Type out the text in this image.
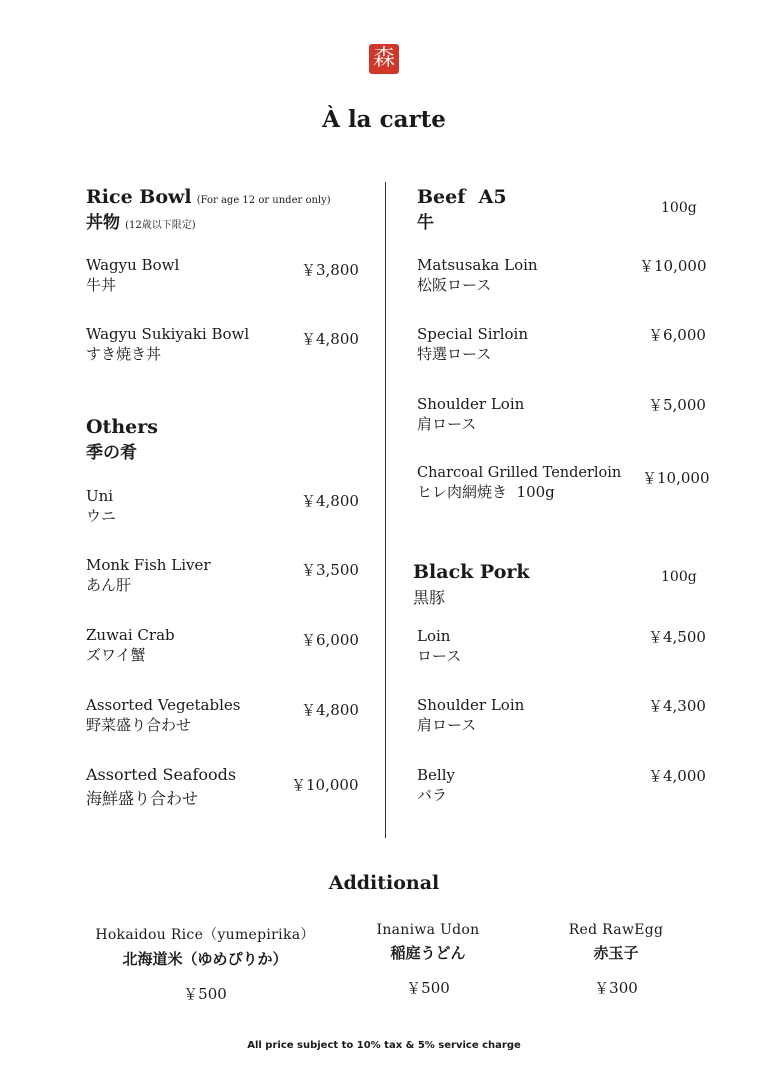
森
À la carte
Rice Bowl (For age 12 or under only)
丼物 (12歳以下限定)
Wagyu Bowl
牛丼
￥3,800
Wagyu Sukiyaki Bowl
すき焼き丼
￥4,800
Others
季の肴
Uni
ウニ
￥4,800
Monk Fish Liver
あん肝
￥3,500
Zuwai Crab
ズワイ蟹
￥6,000
Assorted Vegetables
野菜盛り合わせ
￥4,800
Assorted Seafoods
海鮮盛り合わせ
￥10,000
Beef  A5
牛
100g
Matsusaka Loin
松阪ロース
￥10,000
Special Sirloin
特選ロース
￥6,000
Shoulder Loin
肩ロース
￥5,000
Charcoal Grilled Tenderloin
ヒレ肉網焼き  100g
￥10,000
Black Pork
黒豚
100g
Loin
ロース
￥4,500
Shoulder Loin
肩ロース
￥4,300
Belly
バラ
￥4,000
Additional
Hokaidou Rice（yumepirika）
北海道米（ゆめぴりか）
￥500
Inaniwa Udon
稲庭うどん
￥500
Red RawEgg
赤玉子
￥300
All price subject to 10% tax & 5% service charge
